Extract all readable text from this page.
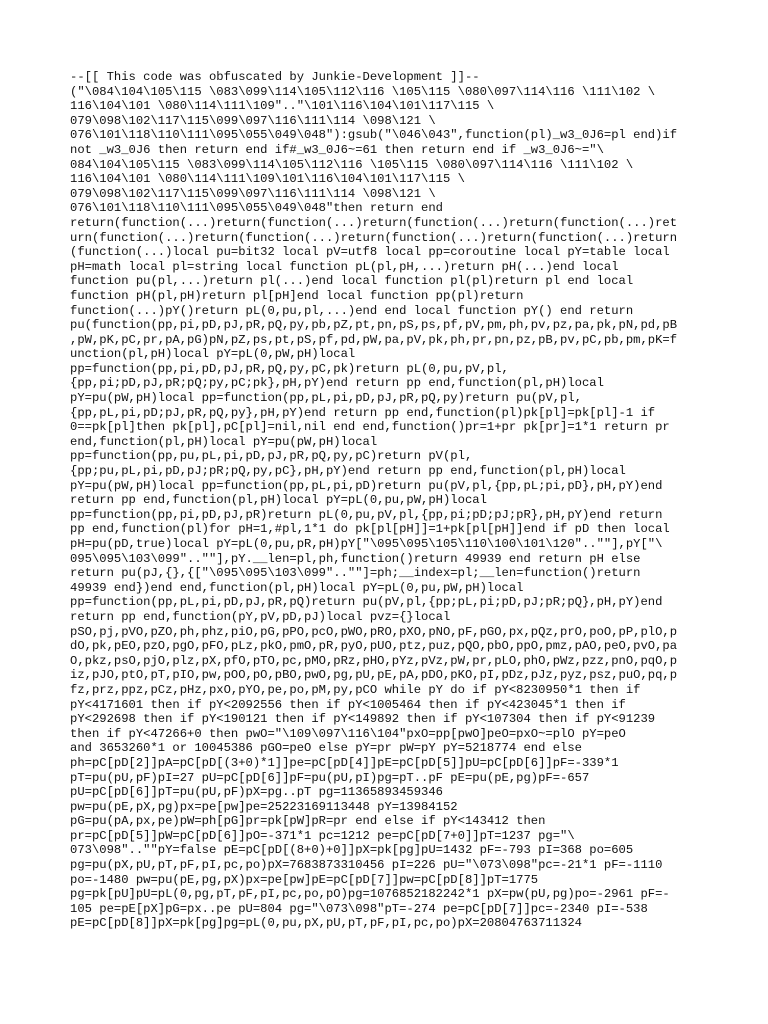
--[[ This code was obfuscated by Junkie-Development ]]--
("\084\104\105\115 \083\099\114\105\112\116 \105\115 \080\097\114\116 \111\102 \
116\104\101 \080\114\111\109".."\101\116\104\101\117\115 \
079\098\102\117\115\099\097\116\111\114 \098\121 \
076\101\118\110\111\095\055\049\048"):gsub("\046\043",function(pl)_w3_0J6=pl end)if
not _w3_0J6 then return end if#_w3_0J6~=61 then return end if _w3_0J6~="\
084\104\105\115 \083\099\114\105\112\116 \105\115 \080\097\114\116 \111\102 \
116\104\101 \080\114\111\109\101\116\104\101\117\115 \
079\098\102\117\115\099\097\116\111\114 \098\121 \
076\101\118\110\111\095\055\049\048"then return end
return(function(...)return(function(...)return(function(...)return(function(...)ret
urn(function(...)return(function(...)return(function(...)return(function(...)return
(function(...)local pu=bit32 local pV=utf8 local pp=coroutine local pY=table local
pH=math local pl=string local function pL(pl,pH,...)return pH(...)end local
function pu(pl,...)return pl(...)end local function pl(pl)return pl end local
function pH(pl,pH)return pl[pH]end local function pp(pl)return
function(...)pY()return pL(0,pu,pl,...)end end local function pY() end return
pu(function(pp,pi,pD,pJ,pR,pQ,py,pb,pZ,pt,pn,pS,ps,pf,pV,pm,ph,pv,pz,pa,pk,pN,pd,pB
,pW,pK,pC,pr,pA,pG)pN,pZ,ps,pt,pS,pf,pd,pW,pa,pV,pk,ph,pr,pn,pz,pB,pv,pC,pb,pm,pK=f
unction(pl,pH)local pY=pL(0,pW,pH)local
pp=function(pp,pi,pD,pJ,pR,pQ,py,pC,pk)return pL(0,pu,pV,pl,
{pp,pi;pD,pJ,pR;pQ;py,pC;pk},pH,pY)end return pp end,function(pl,pH)local
pY=pu(pW,pH)local pp=function(pp,pL,pi,pD,pJ,pR,pQ,py)return pu(pV,pl,
{pp,pL,pi,pD;pJ,pR,pQ,py},pH,pY)end return pp end,function(pl)pk[pl]=pk[pl]-1 if
0==pk[pl]then pk[pl],pC[pl]=nil,nil end end,function()pr=1+pr pk[pr]=1*1 return pr
end,function(pl,pH)local pY=pu(pW,pH)local
pp=function(pp,pu,pL,pi,pD,pJ,pR,pQ,py,pC)return pV(pl,
{pp;pu,pL,pi,pD,pJ;pR;pQ,py,pC},pH,pY)end return pp end,function(pl,pH)local
pY=pu(pW,pH)local pp=function(pp,pL,pi,pD)return pu(pV,pl,{pp,pL;pi,pD},pH,pY)end
return pp end,function(pl,pH)local pY=pL(0,pu,pW,pH)local
pp=function(pp,pi,pD,pJ,pR)return pL(0,pu,pV,pl,{pp,pi;pD;pJ;pR},pH,pY)end return
pp end,function(pl)for pH=1,#pl,1*1 do pk[pl[pH]]=1+pk[pl[pH]]end if pD then local
pH=pu(pD,true)local pY=pL(0,pu,pR,pH)pY["\095\095\105\110\100\101\120"..""],pY["\
095\095\103\099"..""],pY.__len=pl,ph,function()return 49939 end return pH else
return pu(pJ,{},{["\095\095\103\099"..""]=ph;__index=pl;__len=function()return
49939 end})end end,function(pl,pH)local pY=pL(0,pu,pW,pH)local
pp=function(pp,pL,pi,pD,pJ,pR,pQ)return pu(pV,pl,{pp;pL,pi;pD,pJ;pR;pQ},pH,pY)end
return pp end,function(pY,pV,pD,pJ)local pvz={}local
pSO,pj,pVO,pZO,ph,phz,piO,pG,pPO,pcO,pWO,pRO,pXO,pNO,pF,pGO,px,pQz,prO,poO,pP,plO,p
dO,pk,pEO,pzO,pgO,pFO,pLz,pkO,pmO,pR,pyO,pUO,ptz,puz,pQO,pbO,ppO,pmz,pAO,peO,pvO,pa
O,pkz,psO,pjO,plz,pX,pfO,pTO,pc,pMO,pRz,pHO,pYz,pVz,pW,pr,pLO,phO,pWz,pzz,pnO,pqO,p
iz,pJO,ptO,pT,pIO,pw,pOO,pO,pBO,pwO,pg,pU,pE,pA,pDO,pKO,pI,pDz,pJz,pyz,psz,puO,pq,p
fz,prz,ppz,pCz,pHz,pxO,pYO,pe,po,pM,py,pCO while pY do if pY<8230950*1 then if
pY<4171601 then if pY<2092556 then if pY<1005464 then if pY<423045*1 then if
pY<292698 then if pY<190121 then if pY<149892 then if pY<107304 then if pY<91239
then if pY<47266+0 then pwO="\109\097\116\104"pxO=pp[pwO]peO=pxO~=plO pY=peO
and 3653260*1 or 10045386 pGO=peO else pY=pr pW=pY pY=5218774 end else
ph=pC[pD[2]]pA=pC[pD[(3+0)*1]]pe=pC[pD[4]]pE=pC[pD[5]]pU=pC[pD[6]]pF=-339*1
pT=pu(pU,pF)pI=27 pU=pC[pD[6]]pF=pu(pU,pI)pg=pT..pF pE=pu(pE,pg)pF=-657
pU=pC[pD[6]]pT=pu(pU,pF)pX=pg..pT pg=11365893459346
pw=pu(pE,pX,pg)px=pe[pw]pe=25223169113448 pY=13984152
pG=pu(pA,px,pe)pW=ph[pG]pr=pk[pW]pR=pr end else if pY<143412 then
pr=pC[pD[5]]pW=pC[pD[6]]pO=-371*1 pc=1212 pe=pC[pD[7+0]]pT=1237 pg="\
073\098"..""pY=false pE=pC[pD[(8+0)+0]]pX=pk[pg]pU=1432 pF=-793 pI=368 po=605
pg=pu(pX,pU,pT,pF,pI,pc,po)pX=7683873310456 pI=226 pU="\073\098"pc=-21*1 pF=-1110
po=-1480 pw=pu(pE,pg,pX)px=pe[pw]pE=pC[pD[7]]pw=pC[pD[8]]pT=1775
pg=pk[pU]pU=pL(0,pg,pT,pF,pI,pc,po,pO)pg=1076852182242*1 pX=pw(pU,pg)po=-2961 pF=-
105 pe=pE[pX]pG=px..pe pU=804 pg="\073\098"pT=-274 pe=pC[pD[7]]pc=-2340 pI=-538
pE=pC[pD[8]]pX=pk[pg]pg=pL(0,pu,pX,pU,pT,pF,pI,pc,po)pX=20804763711324
